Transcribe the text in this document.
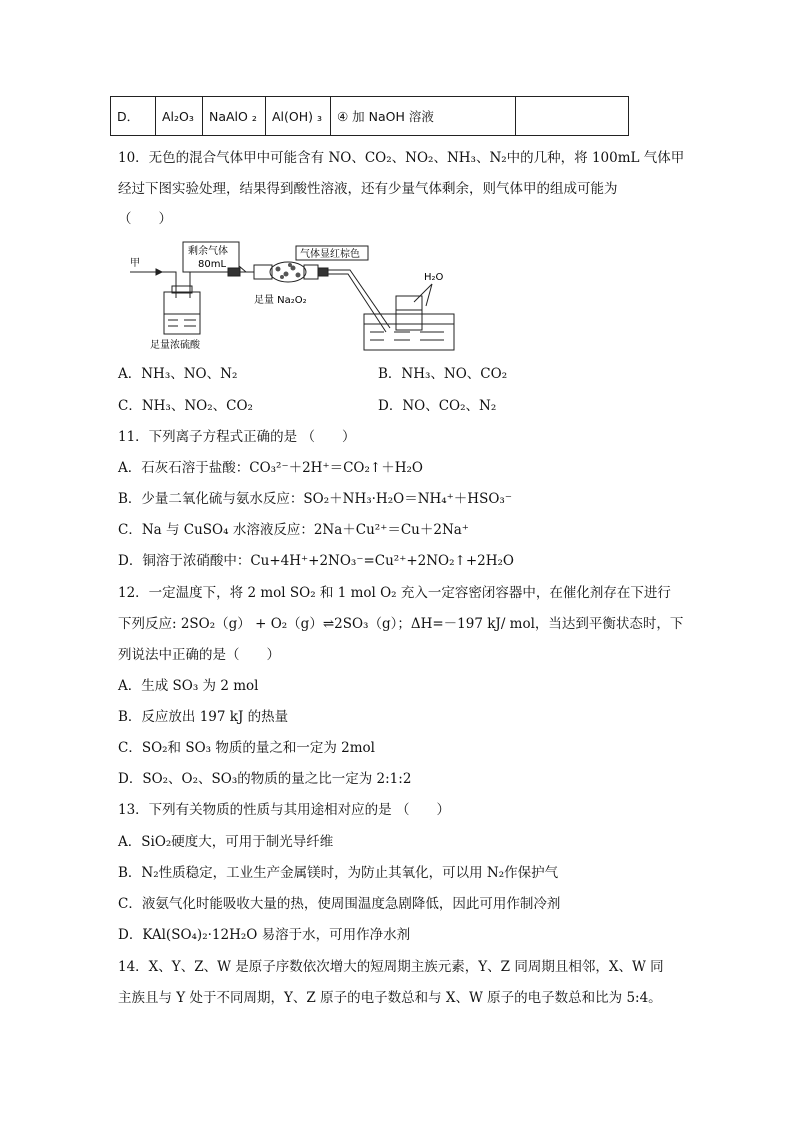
D．	Al₂O₃	NaAlO ₂	Al(OH) ₃	④ 加 NaOH 溶液	
10．无色的混合气体甲中可能含有 NO、CO₂、NO₂、NH₃、N₂中的几种，将 100mL 气体甲
经过下图实验处理，结果得到酸性溶液，还有少量气体剩余，则气体甲的组成可能为
（　　）
甲
剩余气体
80mL
气体显红棕色
足量 Na₂O₂
足量浓硫酸
H₂O
A．NH₃、NO、N₂	B．NH₃、NO、CO₂
C．NH₃、NO₂、CO₂	D．NO、CO₂、N₂
11．下列离子方程式正确的是 （　　）
A．石灰石溶于盐酸：CO₃²⁻＋2H⁺＝CO₂↑＋H₂O
B．少量二氧化硫与氨水反应：SO₂＋NH₃·H₂O＝NH₄⁺＋HSO₃⁻
C．Na 与 CuSO₄ 水溶液反应：2Na＋Cu²⁺＝Cu＋2Na⁺
D．铜溶于浓硝酸中：Cu+4H⁺+2NO₃⁻=Cu²⁺+2NO₂↑+2H₂O
12．一定温度下，将 2 mol SO₂ 和 1 mol O₂ 充入一定容密闭容器中，在催化剂存在下进行
下列反应: 2SO₂（g） + O₂（g）⇌2SO₃（g）；ΔH=－197 kJ/ mol，当达到平衡状态时，下
列说法中正确的是（　　）
A．生成 SO₃ 为 2 mol
B．反应放出 197 kJ 的热量
C．SO₂和 SO₃ 物质的量之和一定为 2mol
D．SO₂、O₂、SO₃的物质的量之比一定为 2:1:2
13．下列有关物质的性质与其用途相对应的是 （　　）
A．SiO₂硬度大，可用于制光导纤维
B．N₂性质稳定，工业生产金属镁时，为防止其氧化，可以用 N₂作保护气
C．液氨气化时能吸收大量的热，使周围温度急剧降低，因此可用作制冷剂
D．KAl(SO₄)₂·12H₂O 易溶于水，可用作净水剂
14．X、Y、Z、W 是原子序数依次增大的短周期主族元素，Y、Z 同周期且相邻，X、W 同
主族且与 Y 处于不同周期，Y、Z 原子的电子数总和与 X、W 原子的电子数总和比为 5:4。
